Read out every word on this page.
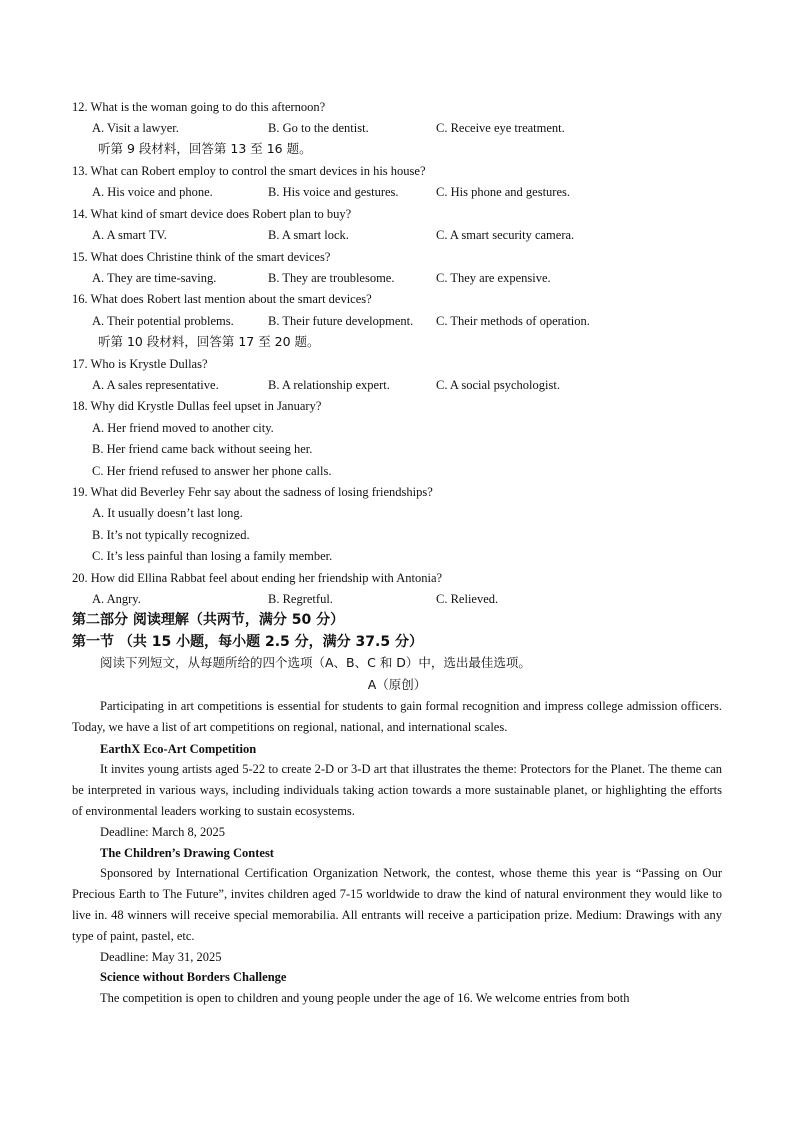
12. What is the woman going to do this afternoon?
A. Visit a lawyer.	B. Go to the dentist.	C. Receive eye treatment.
听第 9 段材料，回答第 13 至 16 题。
13. What can Robert employ to control the smart devices in his house?
A. His voice and phone.	B. His voice and gestures.	C. His phone and gestures.
14. What kind of smart device does Robert plan to buy?
A. A smart TV.	B. A smart lock.	C. A smart security camera.
15. What does Christine think of the smart devices?
A. They are time-saving.	B. They are troublesome.	C. They are expensive.
16. What does Robert last mention about the smart devices?
A. Their potential problems.	B. Their future development. C. Their methods of operation.
听第 10 段材料，回答第 17 至 20 题。
17. Who is Krystle Dullas?
A. A sales representative.	B. A relationship expert.	C. A social psychologist.
18. Why did Krystle Dullas feel upset in January?
A. Her friend moved to another city.
B. Her friend came back without seeing her.
C. Her friend refused to answer her phone calls.
19. What did Beverley Fehr say about the sadness of losing friendships?
A. It usually doesn’t last long.
B. It’s not typically recognized.
C. It’s less painful than losing a family member.
20. How did Ellina Rabbat feel about ending her friendship with Antonia?
A. Angry.	B. Regretful.	C. Relieved.
第二部分 阅读理解（共两节，满分 50 分）
第一节 （共 15 小题，每小题 2.5 分，满分 37.5 分）
阅读下列短文，从每题所给的四个选项（A、B、C 和 D）中，选出最佳选项。
A（原创）
Participating in art competitions is essential for students to gain formal recognition and impress college admission officers. Today, we have a list of art competitions on regional, national, and international scales.
EarthX Eco-Art Competition
It invites young artists aged 5-22 to create 2-D or 3-D art that illustrates the theme: Protectors for the Planet. The theme can be interpreted in various ways, including individuals taking action towards a more sustainable planet, or highlighting the efforts of environmental leaders working to sustain ecosystems.
Deadline: March 8, 2025
The Children’s Drawing Contest
Sponsored by International Certification Organization Network, the contest, whose theme this year is “Passing on Our Precious Earth to The Future”, invites children aged 7-15 worldwide to draw the kind of natural environment they would like to live in. 48 winners will receive special memorabilia. All entrants will receive a participation prize. Medium: Drawings with any type of paint, pastel, etc.
Deadline: May 31, 2025
Science without Borders Challenge
The competition is open to children and young people under the age of 16. We welcome entries from both
